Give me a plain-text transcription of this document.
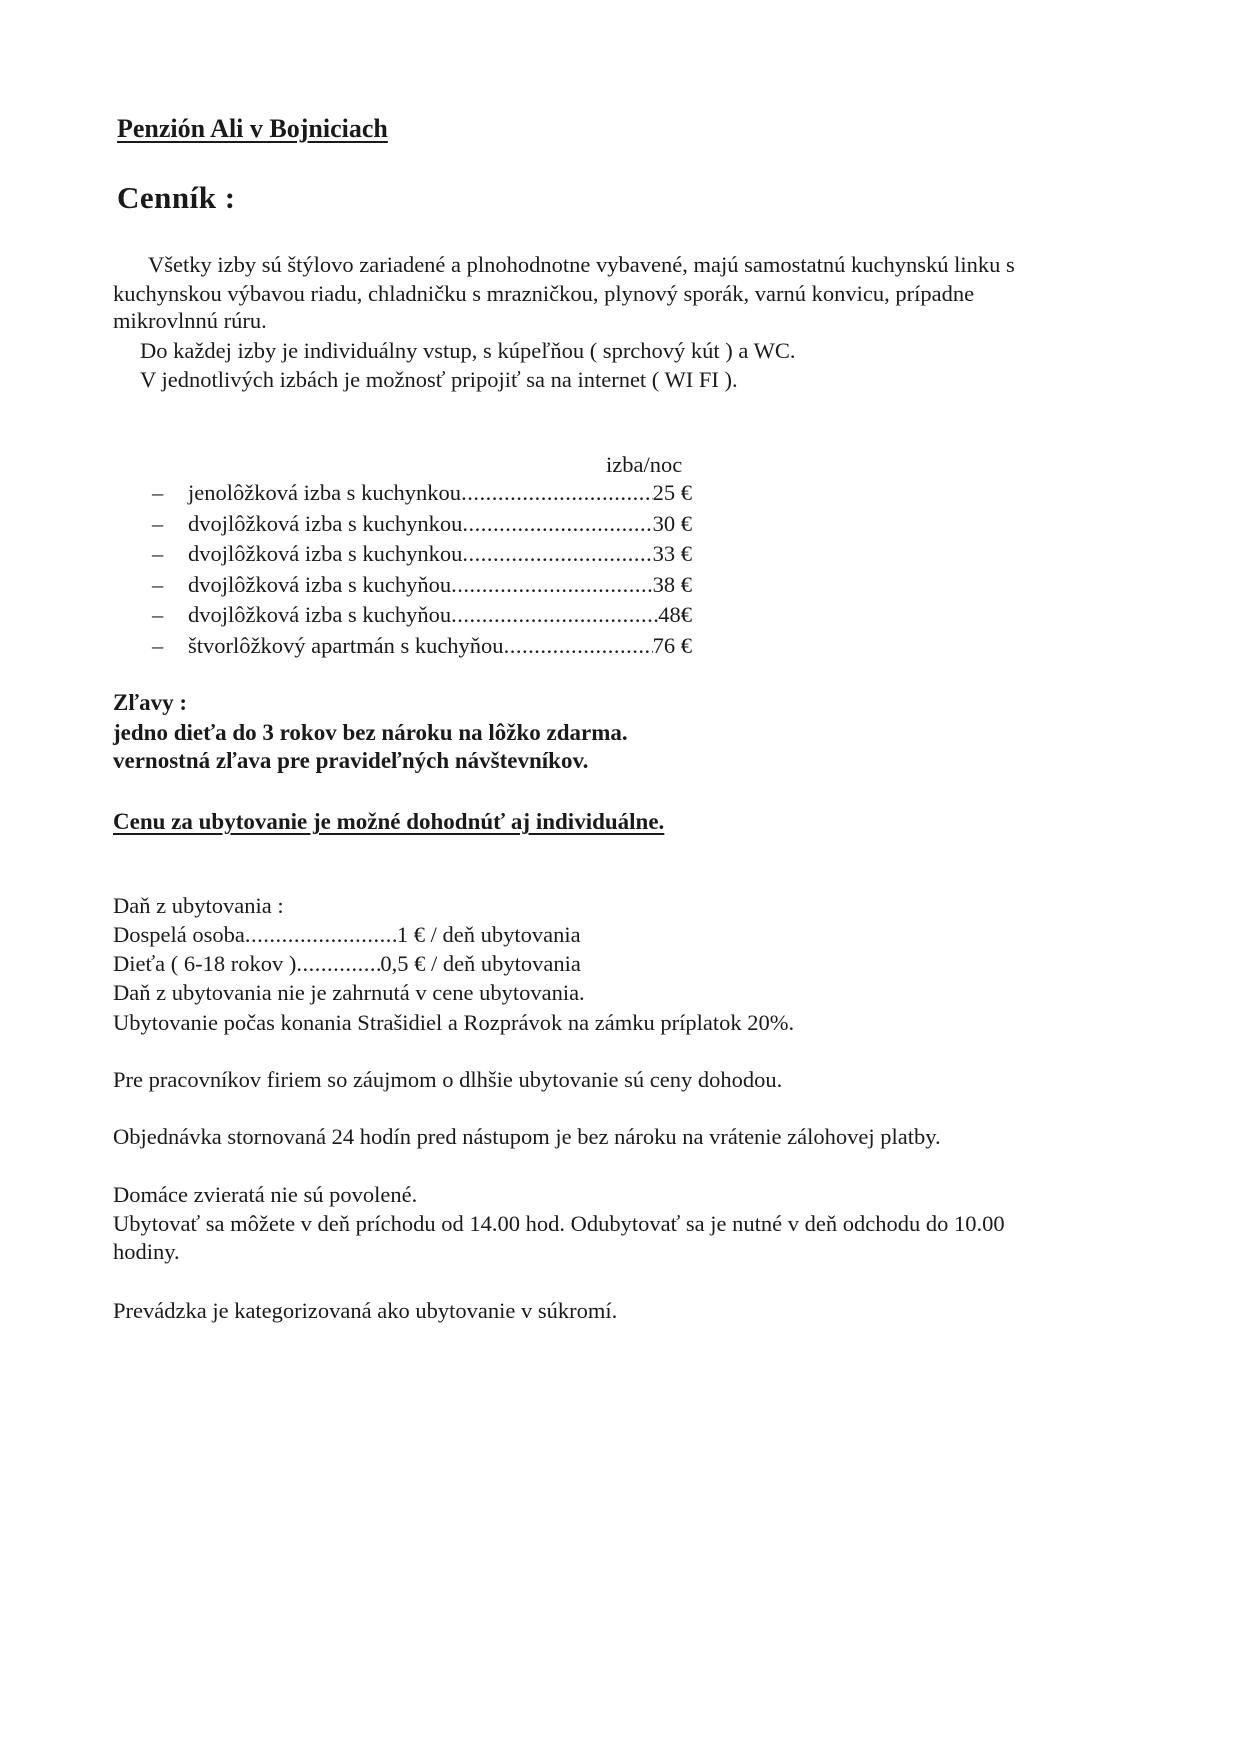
Penzión Ali v Bojniciach
Cenník :
Všetky izby sú štýlovo zariadené a plnohodnotne vybavené, majú samostatnú kuchynskú linku s
kuchynskou výbavou riadu, chladničku s mrazničkou, plynový sporák, varnú konvicu, prípadne
mikrovlnnú rúru.
Do každej izby je individuálny vstup, s kúpeľňou ( sprchový kút ) a WC.
V jednotlivých izbách je možnosť pripojiť sa na internet ( WI FI ).
izba/noc
–	jenolôžková izba s kuchynkou .....	25 €
–	dvojlôžková izba s kuchynkou .....	30 €
–	dvojlôžková izba s kuchynkou .....	33 €
–	dvojlôžková izba s kuchyňou .....	38 €
–	dvojlôžková izba s kuchyňou .....	48€
–	štvorlôžkový apartmán s kuchyňou .....	76 €
Zľavy :
jedno dieťa do 3 rokov bez nároku na lôžko zdarma.
vernostná zľava pre pravideľných návštevníkov.
Cenu za ubytovanie je možné dohodnúť aj individuálne.
Daň z ubytovania :
Dospelá osoba .....	1 € / deň ubytovania
Dieťa ( 6-18 rokov ) .....	0,5 € / deň ubytovania
Daň z ubytovania nie je zahrnutá v cene ubytovania.
Ubytovanie počas konania Strašidiel a Rozprávok na zámku príplatok 20%.
Pre pracovníkov firiem so záujmom o dlhšie ubytovanie sú ceny dohodou.
Objednávka stornovaná 24 hodín pred nástupom je bez nároku na vrátenie zálohovej platby.
Domáce zvieratá nie sú povolené.
Ubytovať sa môžete v deň príchodu od 14.00 hod. Odubytovať sa je nutné v deň odchodu do 10.00
hodiny.
Prevádzka je kategorizovaná ako ubytovanie v súkromí.
